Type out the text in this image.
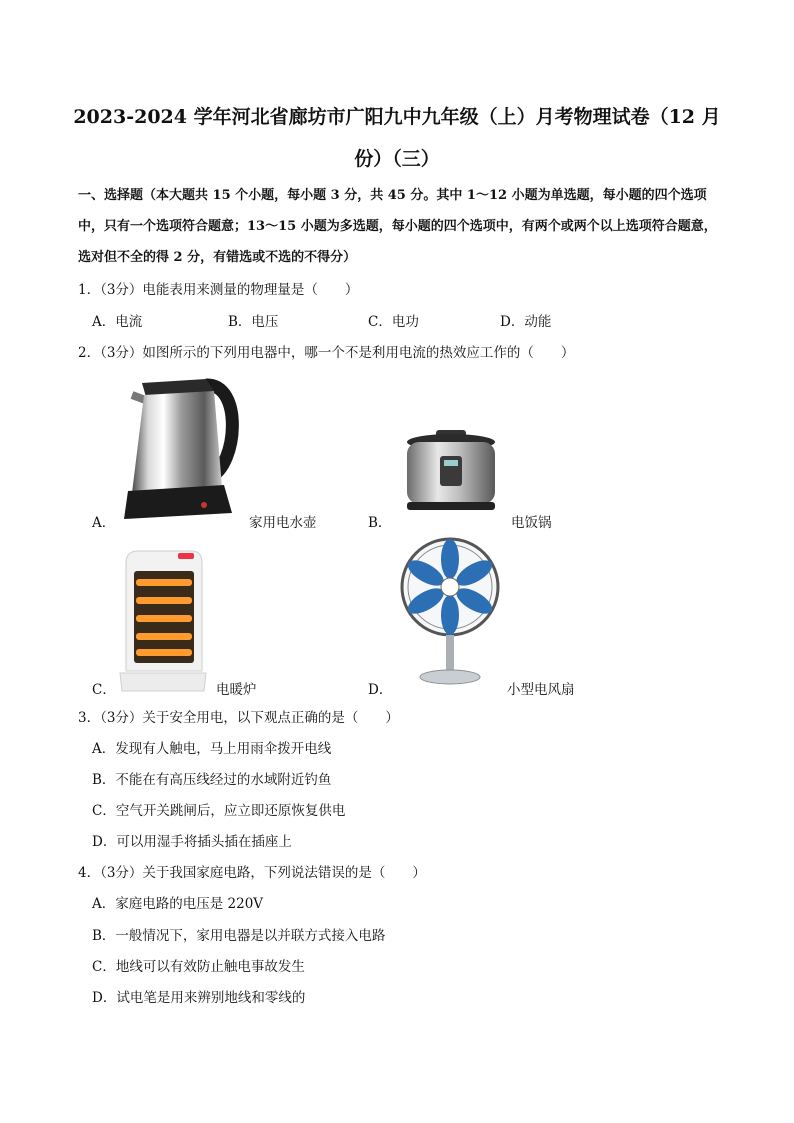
2023-2024 学年河北省廊坊市广阳九中九年级（上）月考物理试卷（12 月
份）（三）
一、选择题（本大题共 15 个小题，每小题 3 分，共 45 分。其中 1～12 小题为单选题，每小题的四个选项中，只有一个选项符合题意；13～15 小题为多选题，每小题的四个选项中，有两个或两个以上选项符合题意，选对但不全的得 2 分，有错选或不选的不得分）
1．（3分）电能表用来测量的物理量是（　　）
A．电流	B．电压	C．电功	D．动能
2．（3分）如图所示的下列用电器中，哪一个不是利用电流的热效应工作的（　　）
A．	家用电水壶	B．	电饭锅
C．	电暖炉	D．	小型电风扇
3．（3分）关于安全用电，以下观点正确的是（　　）
A．发现有人触电，马上用雨伞拨开电线
B．不能在有高压线经过的水域附近钓鱼
C．空气开关跳闸后，应立即还原恢复供电
D．可以用湿手将插头插在插座上
4．（3分）关于我国家庭电路，下列说法错误的是（　　）
A．家庭电路的电压是 220V
B．一般情况下，家用电器是以并联方式接入电路
C．地线可以有效防止触电事故发生
D．试电笔是用来辨别地线和零线的
